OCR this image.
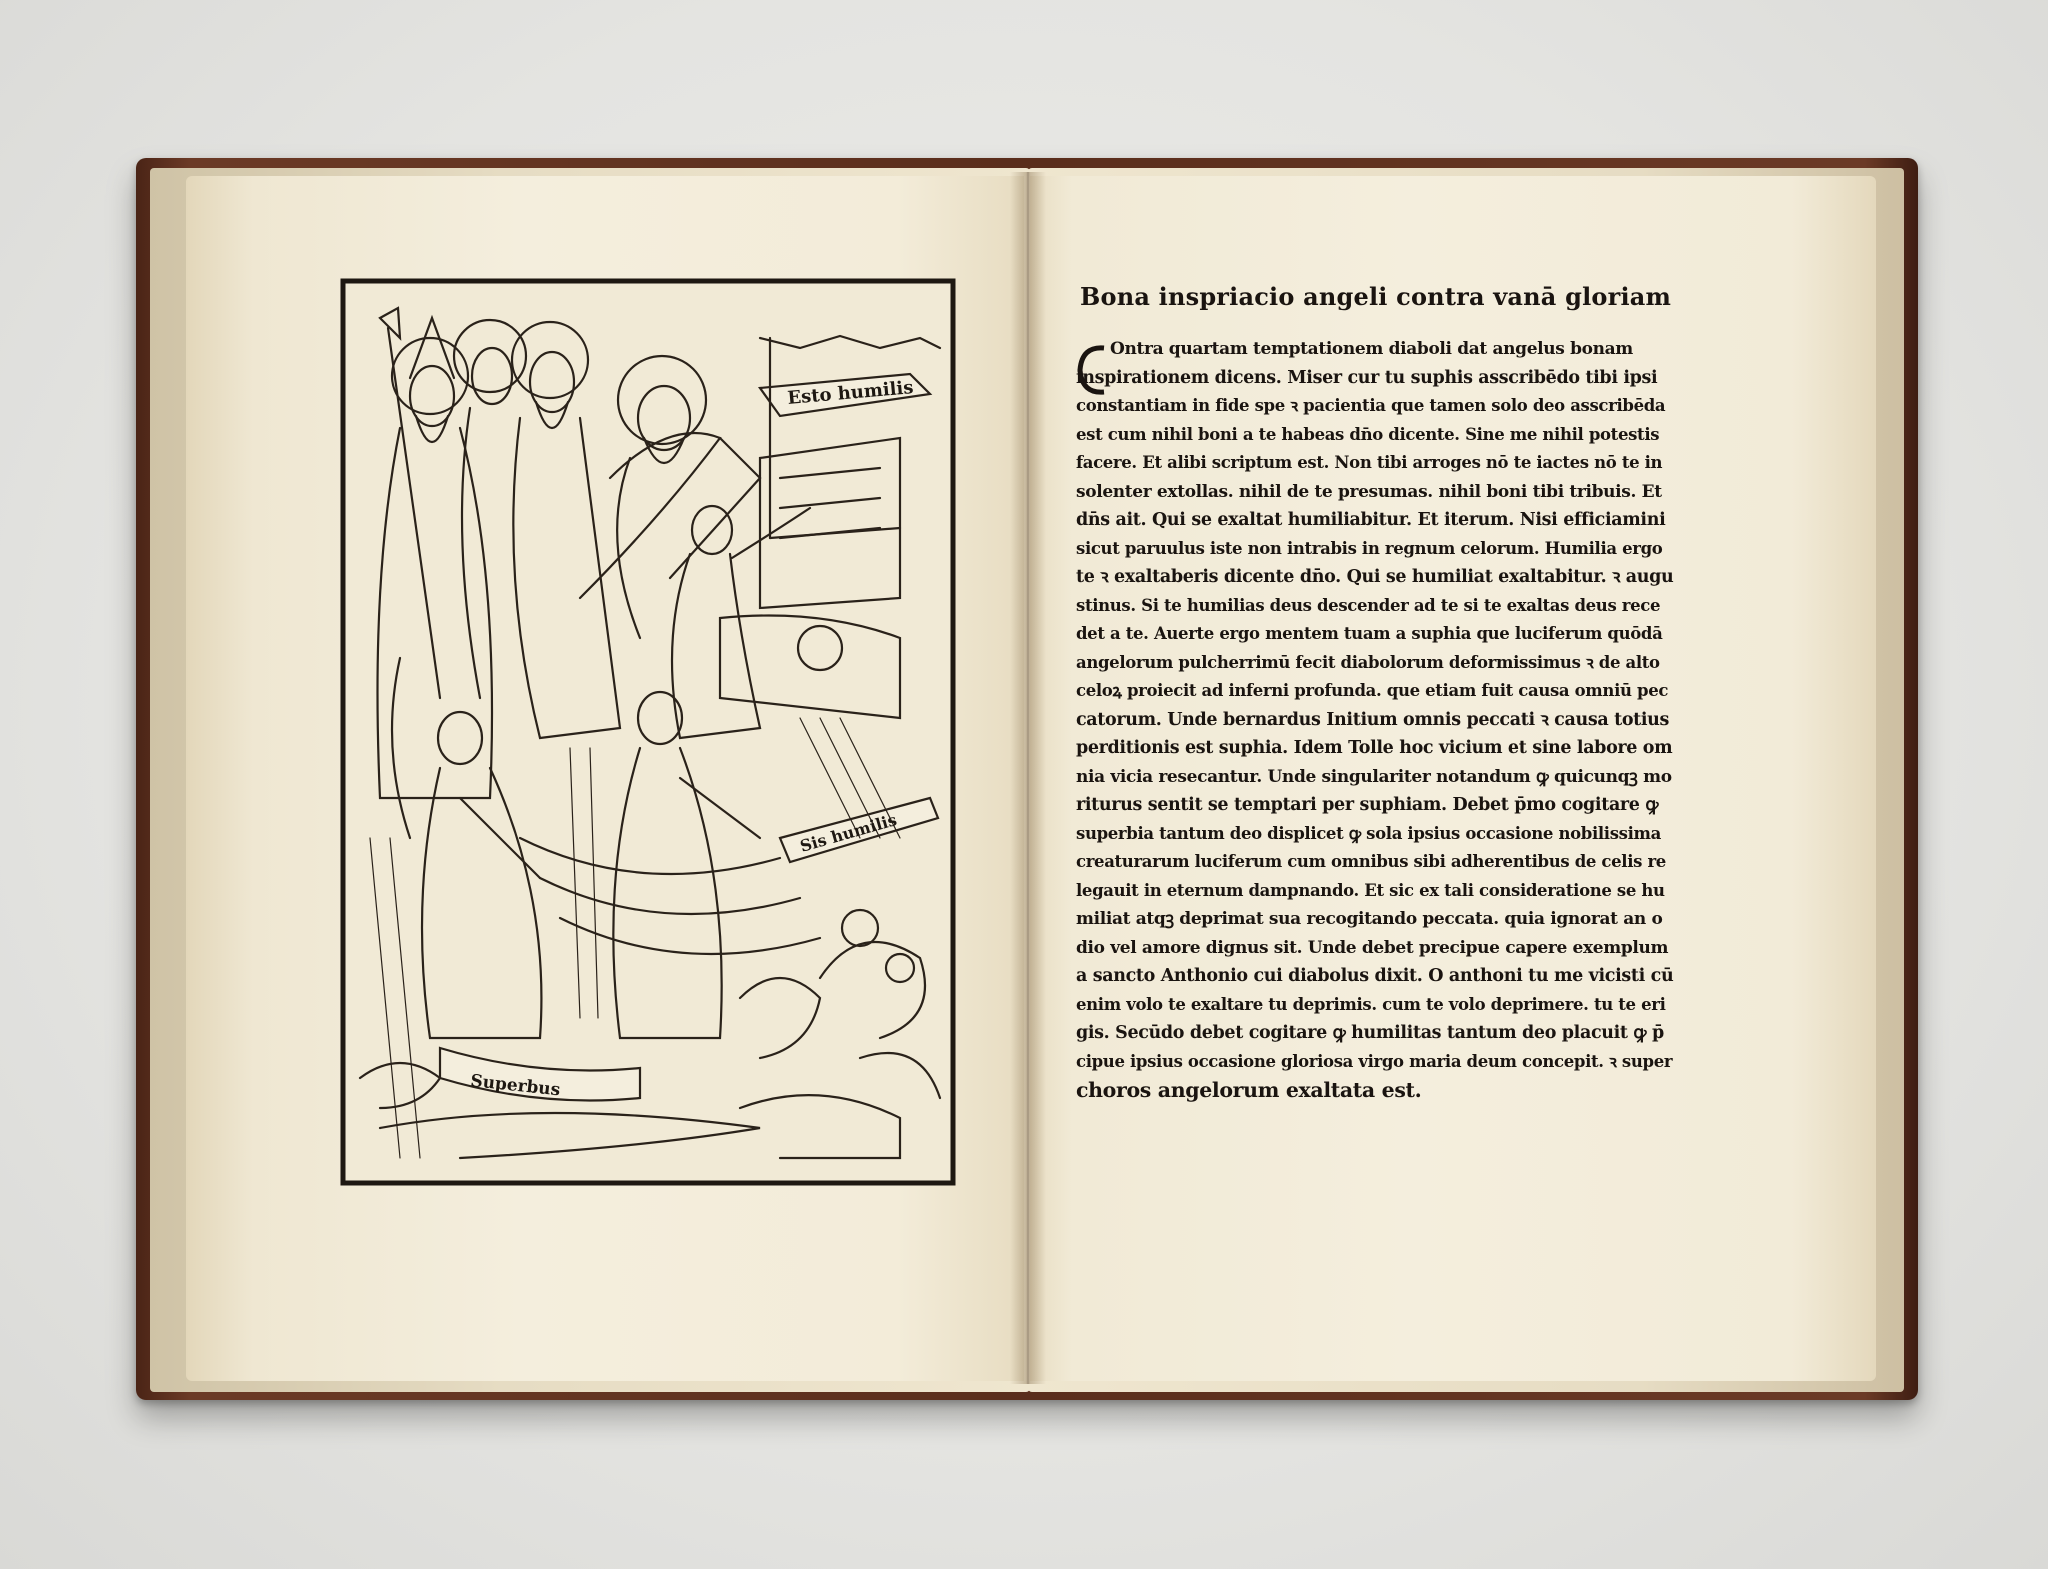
Esto humilis
Sis humilis
Superbus
Bona inspriacio angeli contra vanā gloriam
Ontra quartam temptationem diaboli dat angelus bonam
inspirationem dicens. Miser cur tu suphis asscribēdo tibi ipsi
constantiam in fide spe ꝛ pacientia que tamen solo deo asscribēda
est cum nihil boni a te habeas dn̄o dicente. Sine me nihil potestis
facere. Et alibi scriptum est. Non tibi arroges nō te iactes nō te in
solenter extollas. nihil de te presumas. nihil boni tibi tribuis. Et
dn̄s ait. Qui se exaltat humiliabitur. Et iterum. Nisi efficiamini
sicut paruulus iste non intrabis in regnum celorum. Humilia ergo
te ꝛ exaltaberis dicente dn̄o. Qui se humiliat exaltabitur. ꝛ augu
stinus. Si te humilias deus descender ad te si te exaltas deus rece
det a te. Auerte ergo mentem tuam a suphia que luciferum quōdā
angelorum pulcherrimū fecit diabolorum deformissimus ꝛ de alto
celoꝝ proiecit ad inferni profunda. que etiam fuit causa omniū pec
catorum. Unde bernardus Initium omnis peccati ꝛ causa totius
perditionis est suphia. Idem Tolle hoc vicium et sine labore om
nia vicia resecantur. Unde singulariter notandum ꝙ quicunqꝫ mo
riturus sentit se temptari per suphiam. Debet p̄mo cogitare ꝙ
superbia tantum deo displicet ꝙ sola ipsius occasione nobilissima
creaturarum luciferum cum omnibus sibi adherentibus de celis re
legauit in eternum dampnando. Et sic ex tali consideratione se hu
miliat atqꝫ deprimat sua recogitando peccata. quia ignorat an o
dio vel amore dignus sit. Unde debet precipue capere exemplum
a sancto Anthonio cui diabolus dixit. O anthoni tu me vicisti cū
enim volo te exaltare tu deprimis. cum te volo deprimere. tu te eri
gis. Secūdo debet cogitare ꝙ humilitas tantum deo placuit ꝙ p̄
cipue ipsius occasione gloriosa virgo maria deum concepit. ꝛ super
choros angelorum exaltata est.
